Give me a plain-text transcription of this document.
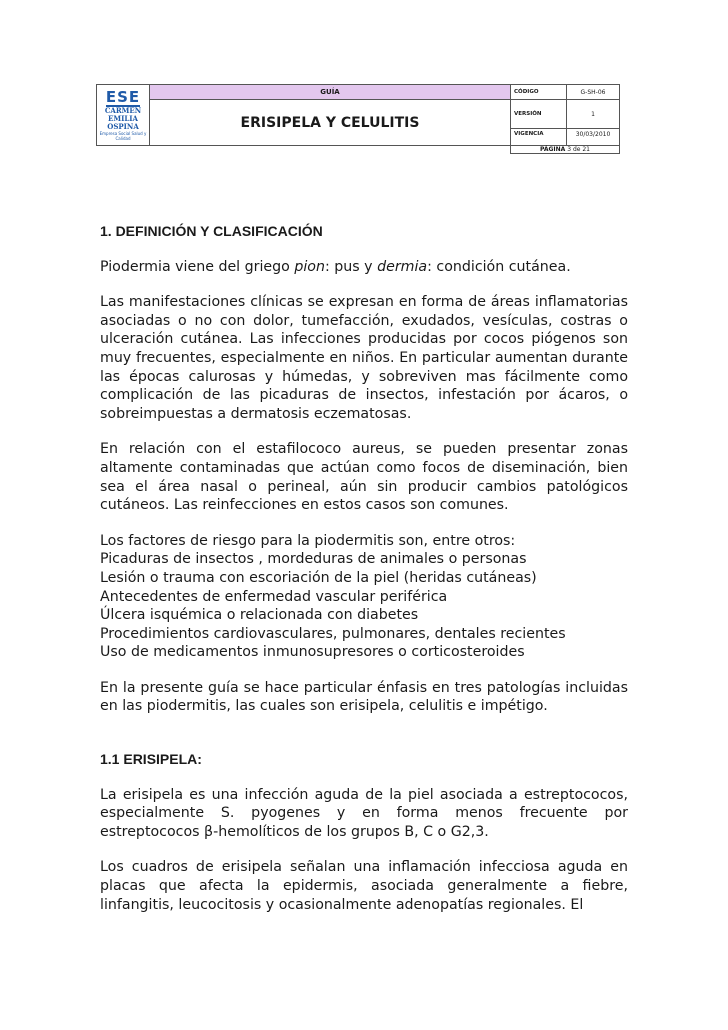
ESE
CARMEN
EMILIA
OSPINA
Empresa Social Salud y Calidad	GUÍA	CÓDIGO	G-SH-06
	ERISIPELA Y CELULITIS	VERSIÓN	1
		VIGENCIA	30/03/2010
		PÁGINA 3 de 21	

1. DEFINICIÓN Y CLASIFICACIÓN

Piodermia viene del griego pion: pus y dermia: condición cutánea.

Las manifestaciones clínicas se expresan en forma de áreas inflamatorias asociadas o no con dolor, tumefacción, exudados, vesículas, costras o ulceración cutánea. Las infecciones producidas por cocos piógenos son muy frecuentes, especialmente en niños. En particular aumentan durante las épocas calurosas y húmedas, y sobreviven mas fácilmente como complicación de las picaduras de insectos, infestación por ácaros, o sobreimpuestas a dermatosis eczematosas.

En relación con el estafilococo aureus, se pueden presentar zonas altamente contaminadas que actúan como focos de diseminación, bien sea el área nasal o perineal, aún sin producir cambios patológicos cutáneos. Las reinfecciones en estos casos son comunes.

Los factores de riesgo para la piodermitis son, entre otros:

Picaduras de insectos , mordeduras de animales o personas
Lesión o trauma con escoriación de la piel (heridas cutáneas)
Antecedentes de enfermedad vascular periférica
Úlcera isquémica o relacionada con diabetes
Procedimientos cardiovasculares, pulmonares, dentales recientes
Uso de medicamentos inmunosupresores o corticosteroides

En la presente guía se hace particular énfasis en tres patologías incluidas en las piodermitis, las cuales son erisipela, celulitis e impétigo.

1.1 ERISIPELA:

La erisipela es una infección aguda de la piel asociada a estreptococos, especialmente S. pyogenes y en forma menos frecuente por estreptococos β-hemolíticos de los grupos B, C o G2,3.

Los cuadros de erisipela señalan una inflamación infecciosa aguda en placas que afecta la epidermis, asociada generalmente a fiebre, linfangitis, leucocitosis y ocasionalmente adenopatías regionales. El
